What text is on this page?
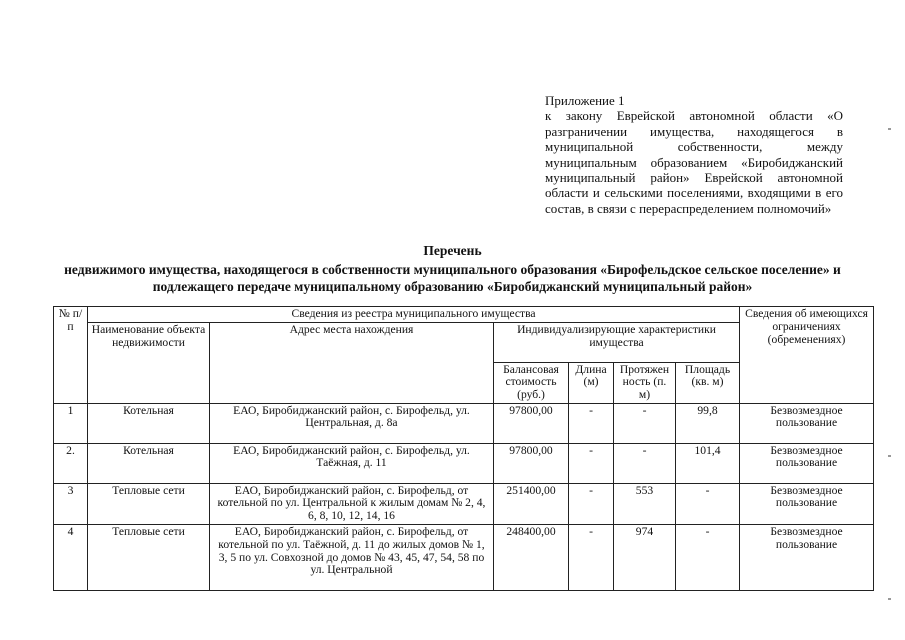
Приложение 1
к закону Еврейской автономной области «О разграничении имущества, находящегося в муниципальной собственности, между муниципальным образованием «Биробиджанский муниципальный район» Еврейской автономной области и сельскими поселениями, входящими в его состав, в связи с перераспределением полномочий»
Перечень
недвижимого имущества, находящегося в собственности муниципального образования «Бирофельдское сельское поселение» и подлежащего передаче муниципальному образованию «Биробиджанский муниципальный район»
№ п/п	Сведения из реестра муниципального имущества						Сведения об имеющихся ограничениях (обременениях)
	Наименование объекта недвижимости	Адрес места нахождения	Индивидуализирующие характеристики имущества				
			Балансовая стоимость (руб.)	Длина (м)	Протяжен ность (п. м)	Площадь (кв. м)	
1	Котельная	ЕАО, Биробиджанский район, с. Бирофельд, ул. Центральная, д. 8а	97800,00	-	-	99,8	Безвозмездное пользование
2.	Котельная	ЕАО, Биробиджанский район, с. Бирофельд, ул. Таёжная, д. 11	97800,00	-	-	101,4	Безвозмездное пользование
3	Тепловые сети	ЕАО, Биробиджанский район, с. Бирофельд, от котельной по ул. Центральной к жилым домам № 2, 4, 6, 8, 10, 12, 14, 16	251400,00	-	553	-	Безвозмездное пользование
4	Тепловые сети	ЕАО, Биробиджанский район, с. Бирофельд, от котельной по ул. Таёжной, д. 11 до жилых домов № 1, 3, 5 по ул. Совхозной до домов № 43, 45, 47, 54, 58 по ул. Центральной	248400,00	-	974	-	Безвозмездное пользование
